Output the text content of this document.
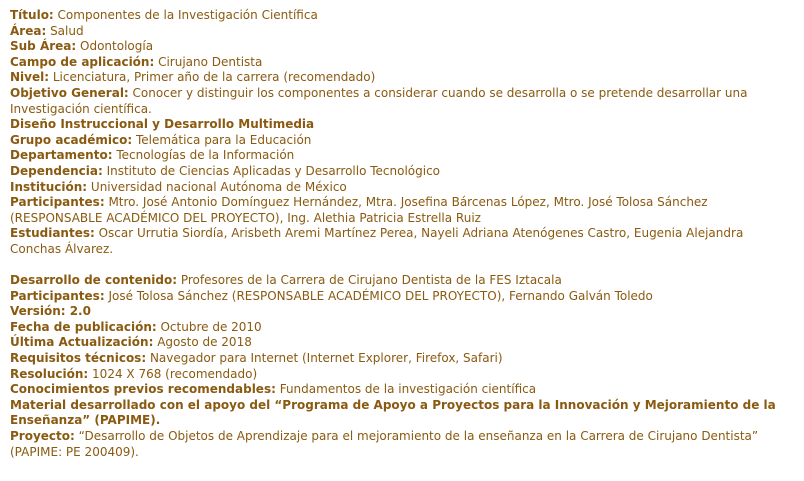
Título: Componentes de la Investigación Científica
Área: Salud
Sub Área: Odontología
Campo de aplicación: Cirujano Dentista
Nivel: Licenciatura, Primer año de la carrera (recomendado)
Objetivo General: Conocer y distinguir los componentes a considerar cuando se desarrolla o se pretende desarrollar una Investigación científica.
Diseño Instruccional y Desarrollo Multimedia
Grupo académico: Telemática para la Educación
Departamento: Tecnologías de la Información
Dependencia: Instituto de Ciencias Aplicadas y Desarrollo Tecnológico
Institución: Universidad nacional Autónoma de México
Participantes: Mtro. José Antonio Domínguez Hernández, Mtra. Josefina Bárcenas López, Mtro. José Tolosa Sánchez (RESPONSABLE ACADÉMICO DEL PROYECTO), Ing. Alethia Patricia Estrella Ruiz
Estudiantes: Oscar Urrutia Siordía, Arisbeth Aremi Martínez Perea, Nayeli Adriana Atenógenes Castro, Eugenia Alejandra Conchas Álvarez.
Desarrollo de contenido: Profesores de la Carrera de Cirujano Dentista de la FES Iztacala
Participantes: José Tolosa Sánchez (RESPONSABLE ACADÉMICO DEL PROYECTO), Fernando Galván Toledo
Versión: 2.0
Fecha de publicación: Octubre de 2010
Última Actualización: Agosto de 2018
Requisitos técnicos: Navegador para Internet (Internet Explorer, Firefox, Safari)
Resolución: 1024 X 768 (recomendado)
Conocimientos previos recomendables: Fundamentos de la investigación científica
Material desarrollado con el apoyo del “Programa de Apoyo a Proyectos para la Innovación y Mejoramiento de la Enseñanza” (PAPIME).
Proyecto: “Desarrollo de Objetos de Aprendizaje para el mejoramiento de la enseñanza en la Carrera de Cirujano Dentista” (PAPIME: PE 200409).
